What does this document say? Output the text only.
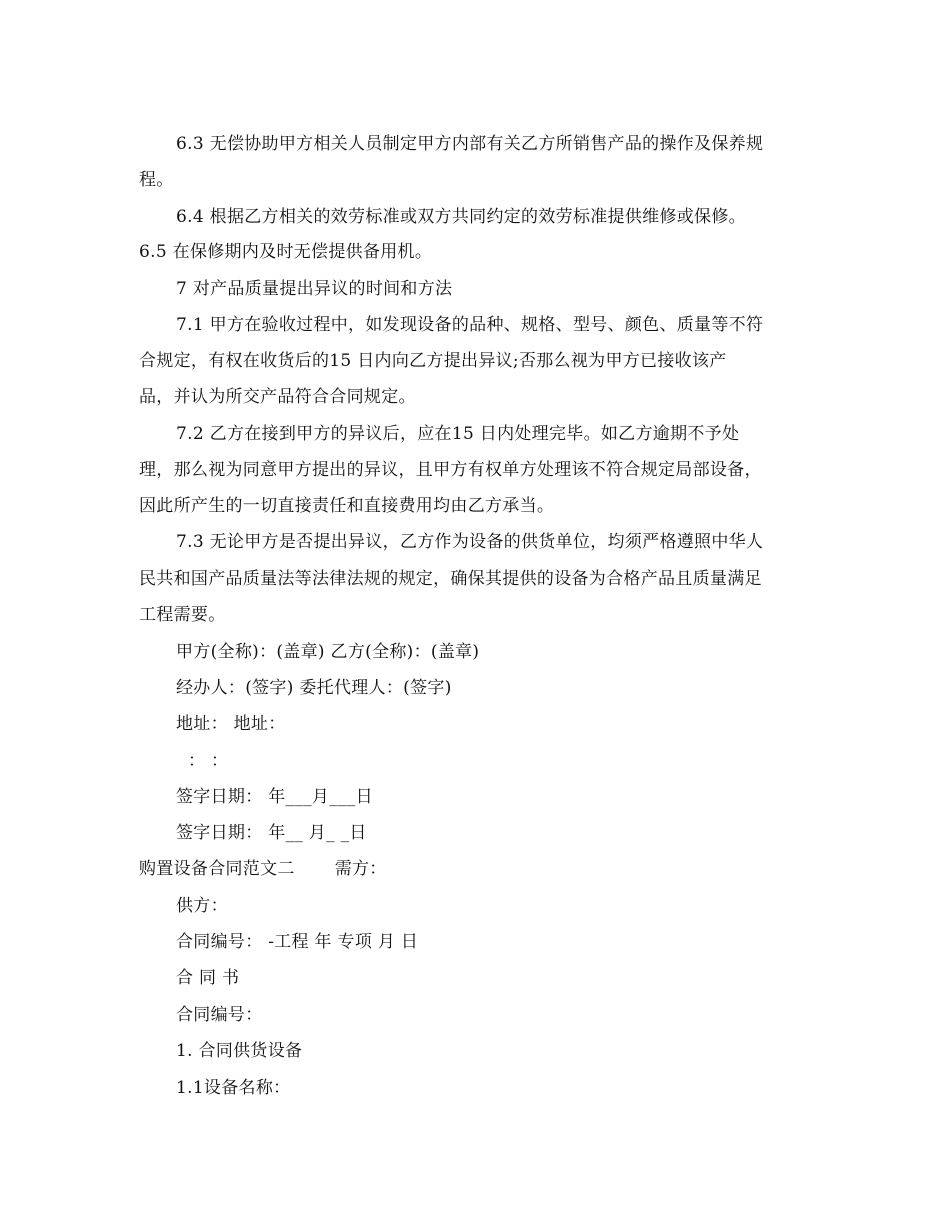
6.3 无偿协助甲方相关人员制定甲方内部有关乙方所销售产品的操作及保养规
程。
6.4 根据乙方相关的效劳标准或双方共同约定的效劳标准提供维修或保修。
6.5 在保修期内及时无偿提供备用机。
7 对产品质量提出异议的时间和方法
7.1 甲方在验收过程中，如发现设备的品种、规格、型号、颜色、质量等不符
合规定，有权在收货后的15 日内向乙方提出异议;否那么视为甲方已接收该产
品，并认为所交产品符合合同规定。
7.2 乙方在接到甲方的异议后，应在15 日内处理完毕。如乙方逾期不予处
理，那么视为同意甲方提出的异议，且甲方有权单方处理该不符合规定局部设备，
因此所产生的一切直接责任和直接费用均由乙方承当。
7.3 无论甲方是否提出异议，乙方作为设备的供货单位，均须严格遵照中华人
民共和国产品质量法等法律法规的规定，确保其提供的设备为合格产品且质量满足
工程需要。
甲方(全称)：(盖章) 乙方(全称)：(盖章)
经办人：(签字) 委托代理人：(签字)
地址： 地址：
： ：
签字日期： 年___月___日
签字日期： 年__ 月_ _日
购置设备合同范文二 需方：
供方：
合同编号： -工程 年 专项 月 日
合 同 书
合同编号：
1. 合同供货设备
1.1设备名称：
